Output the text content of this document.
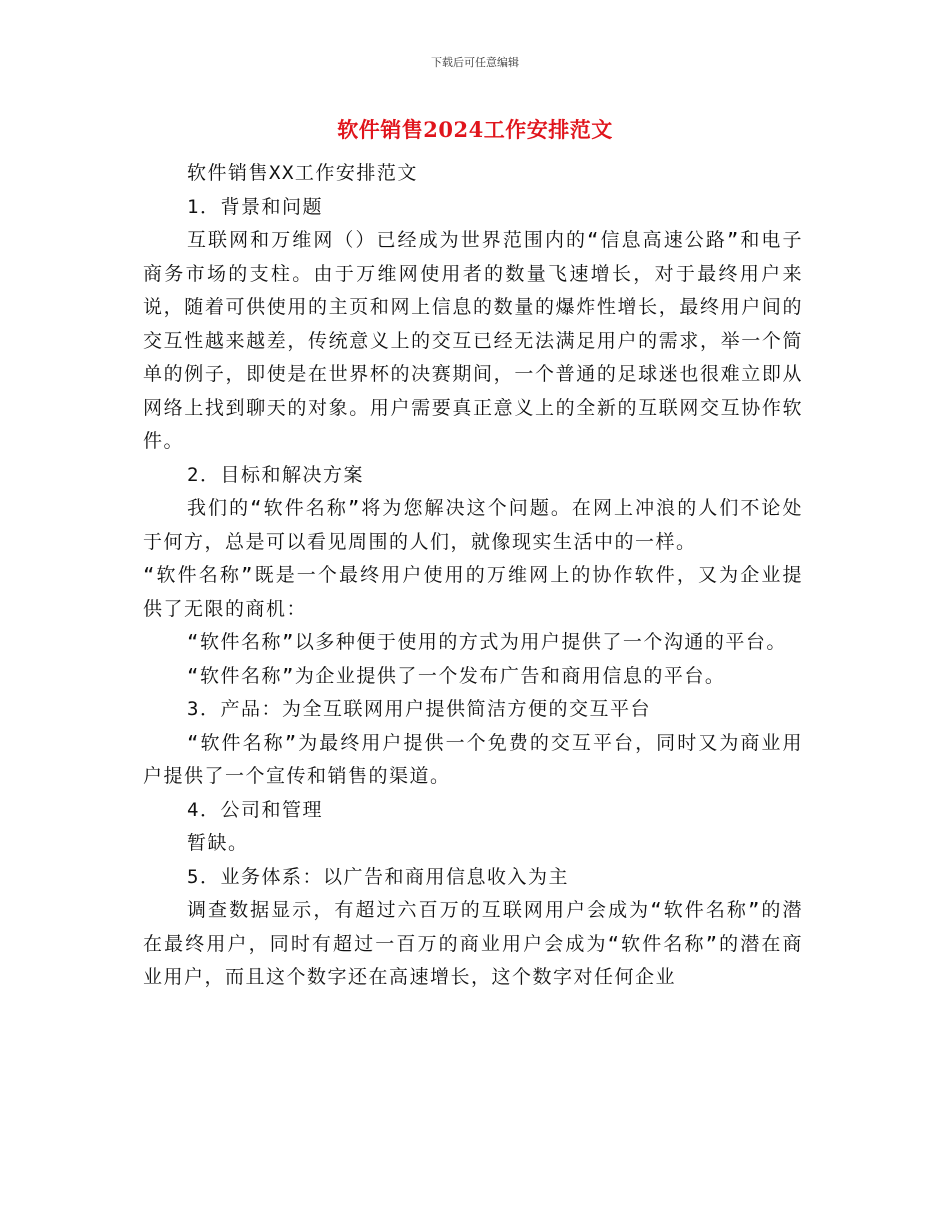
下载后可任意编辑
软件销售2024工作安排范文

软件销售XX工作安排范文

1．背景和问题

互联网和万维网（）已经成为世界范围内的“信息高速公路”和电子商务市场的支柱。由于万维网使用者的数量飞速增长，对于最终用户来说，随着可供使用的主页和网上信息的数量的爆炸性增长，最终用户间的交互性越来越差，传统意义上的交互已经无法满足用户的需求，举一个简单的例子，即使是在世界杯的决赛期间，一个普通的足球迷也很难立即从网络上找到聊天的对象。用户需要真正意义上的全新的互联网交互协作软件。

2．目标和解决方案

我们的“软件名称”将为您解决这个问题。在网上冲浪的人们不论处于何方，总是可以看见周围的人们，就像现实生活中的一样。

“软件名称”既是一个最终用户使用的万维网上的协作软件，又为企业提供了无限的商机：

“软件名称”以多种便于使用的方式为用户提供了一个沟通的平台。

“软件名称”为企业提供了一个发布广告和商用信息的平台。

3．产品：为全互联网用户提供简洁方便的交互平台

“软件名称”为最终用户提供一个免费的交互平台，同时又为商业用户提供了一个宣传和销售的渠道。

4．公司和管理

暂缺。

5．业务体系：以广告和商用信息收入为主

调查数据显示，有超过六百万的互联网用户会成为“软件名称”的潜在最终用户，同时有超过一百万的商业用户会成为“软件名称”的潜在商业用户，而且这个数字还在高速增长，这个数字对任何企业
